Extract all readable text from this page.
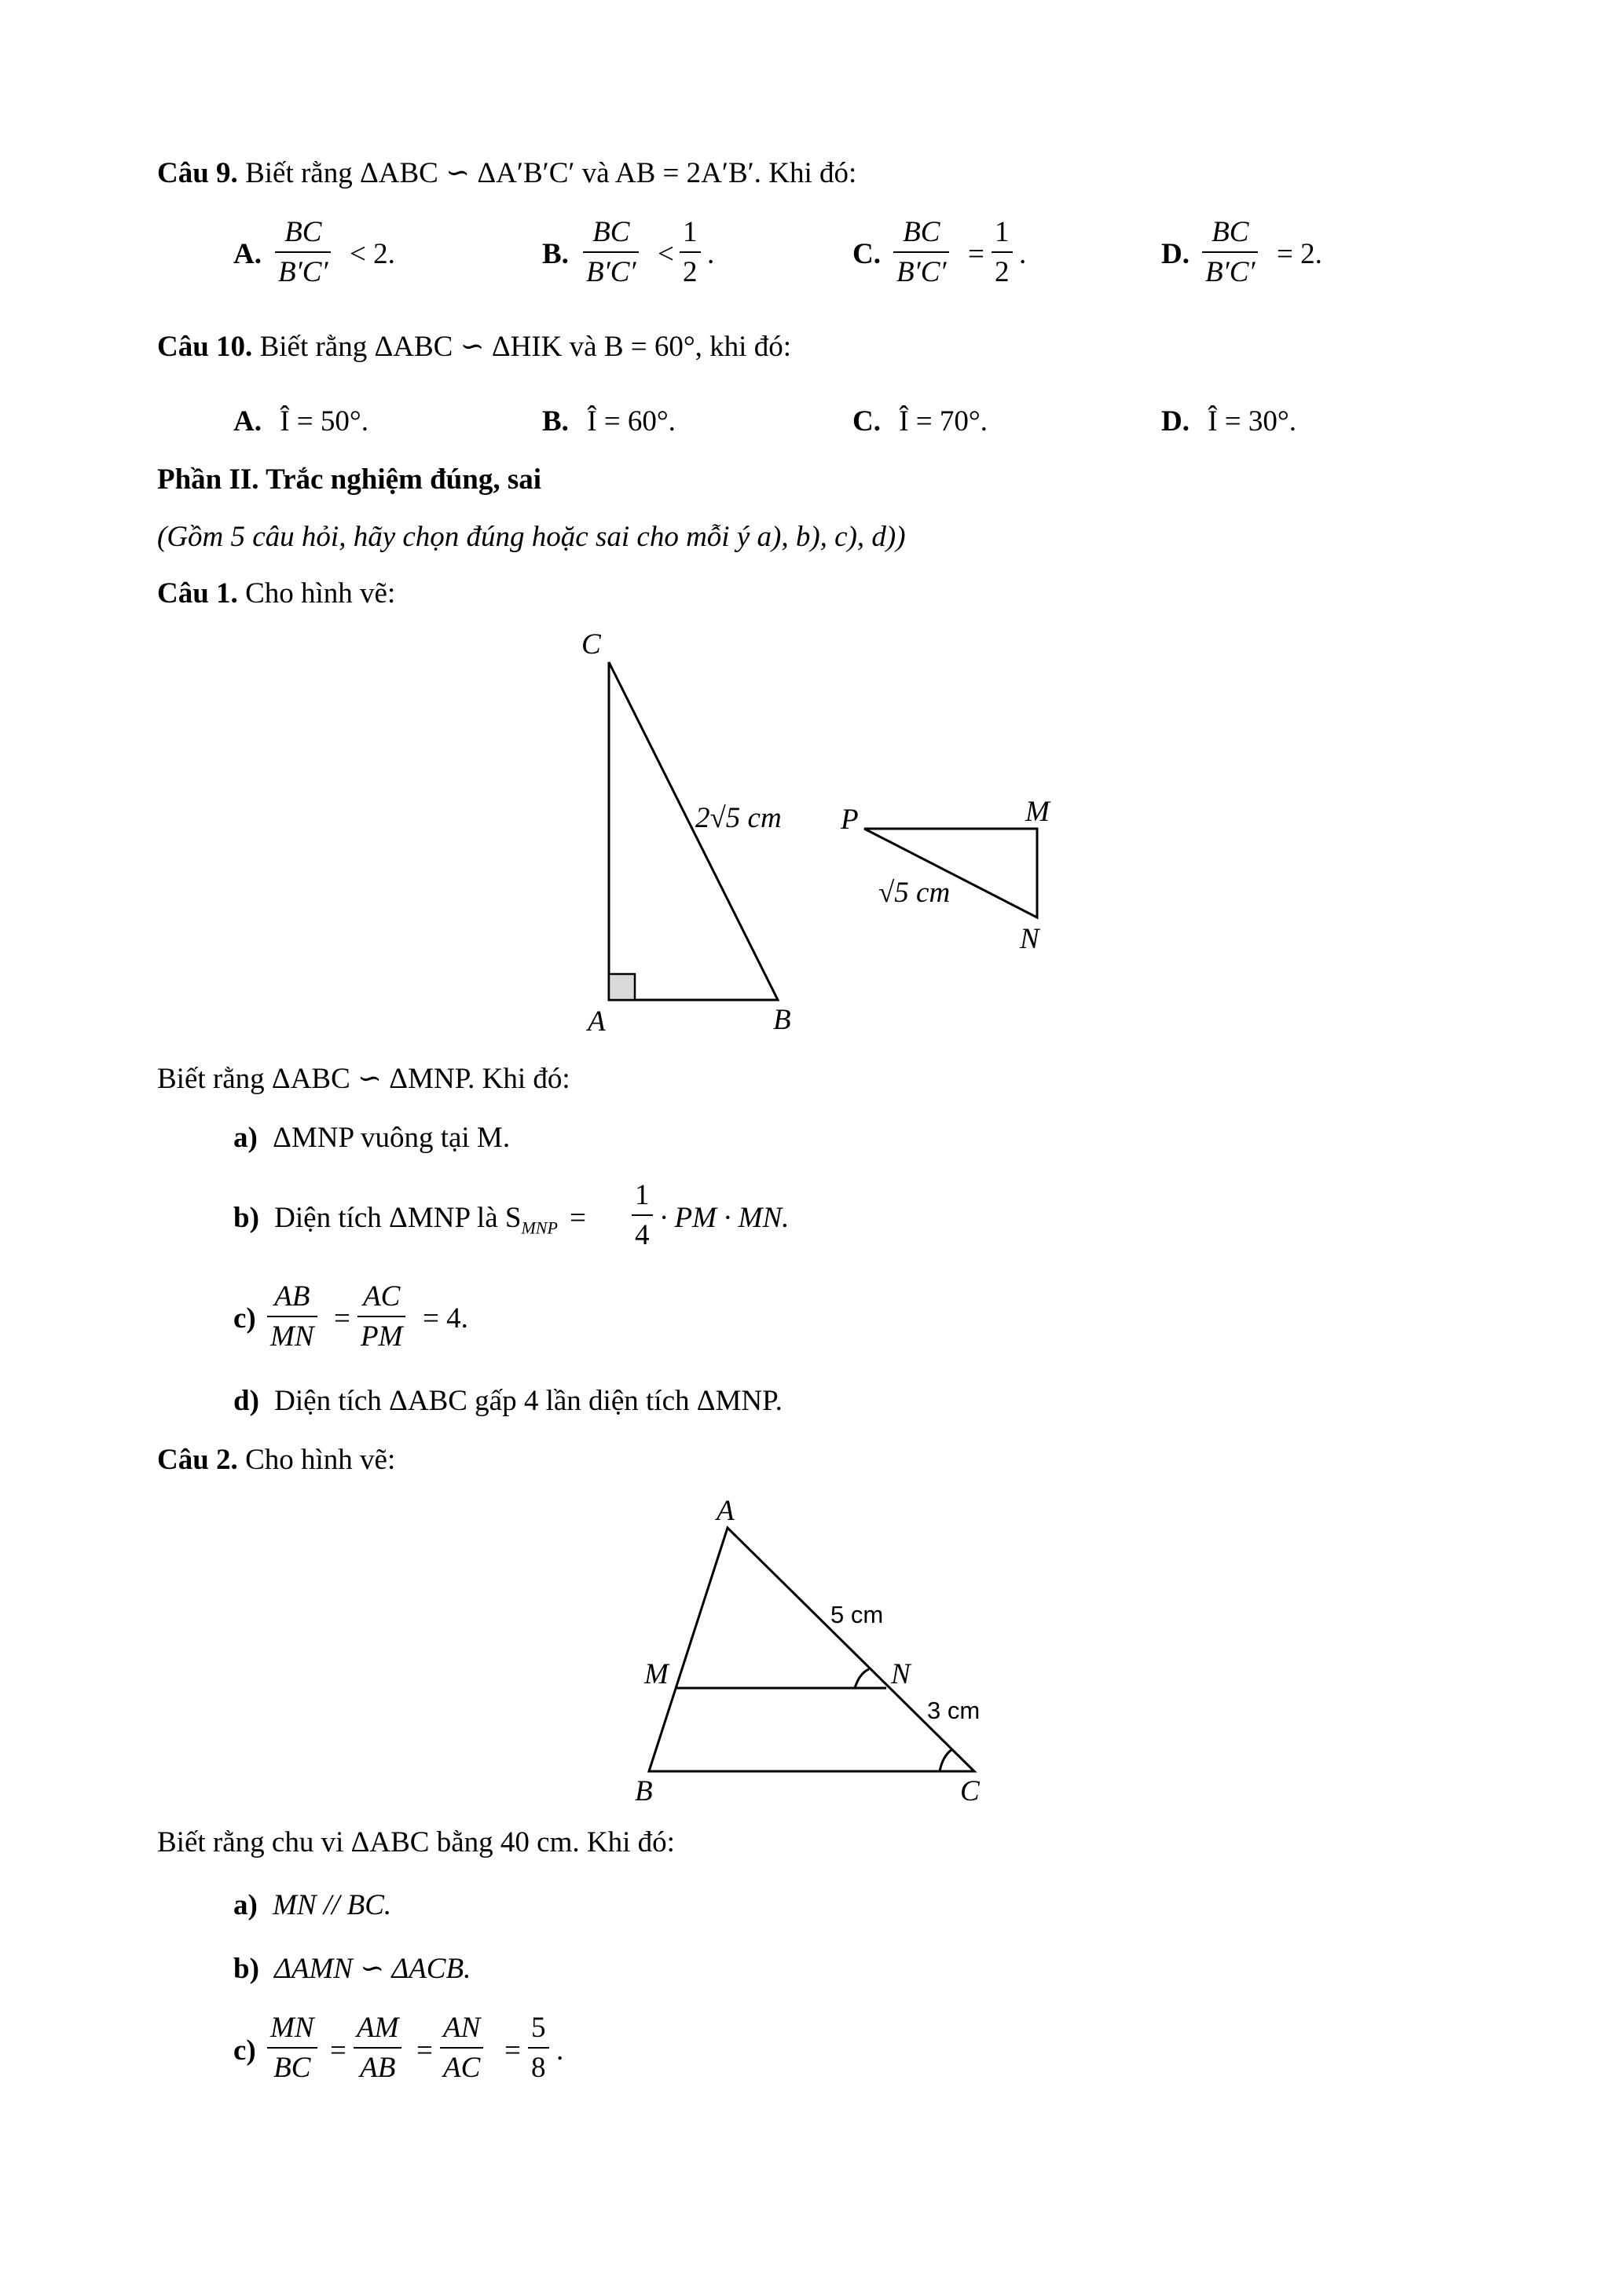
Câu 9. Biết rằng ΔABC ∽ ΔA′B′C′ và AB = 2A′B′. Khi đó:
A. $\frac{BC}{B'C'} < 2$.	B. $\frac{BC}{B'C'} < \frac{1}{2}$ .	C. $\frac{BC}{B'C'} = \frac{1}{2}$ .	D. $\frac{BC}{B'C'} = 2$.
Câu 10. Biết rằng ΔABC ∽ ΔHIK và B = 60°, khi đó:
A. Î = 50°.	B. Î = 60°.	C. Î = 70°.	D. Î = 30°.
Phần II. Trắc nghiệm đúng, sai
(Gồm 5 câu hỏi, hãy chọn đúng hoặc sai cho mỗi ý a), b), c), d))
Câu 1. Cho hình vẽ:
C
A	B
2√5 cm P	M
N
√5 cm
Biết rằng ΔABC ∽ ΔMNP. Khi đó:
a) ΔMNP vuông tại M.
b) Diện tích ΔMNP là $S_{MNP} = \frac{1}{4}$ · PM · MN.
$c) \frac{AB}{MN} = \frac{AC}{PM} = 4$.
d) Diện tích ΔABC gấp 4 lần diện tích ΔMNP.
Câu 2. Cho hình vẽ:
A
M	N
B	C
5 cm
3 cm
Biết rằng chu vi ΔABC bằng 40 cm. Khi đó:
a) MN // BC.
b) ΔAMN ∽ ΔACB.
$c) \frac{MN}{BC} = \frac{AM}{AB} = \frac{AN}{AC} = \frac{5}{8}$ .
